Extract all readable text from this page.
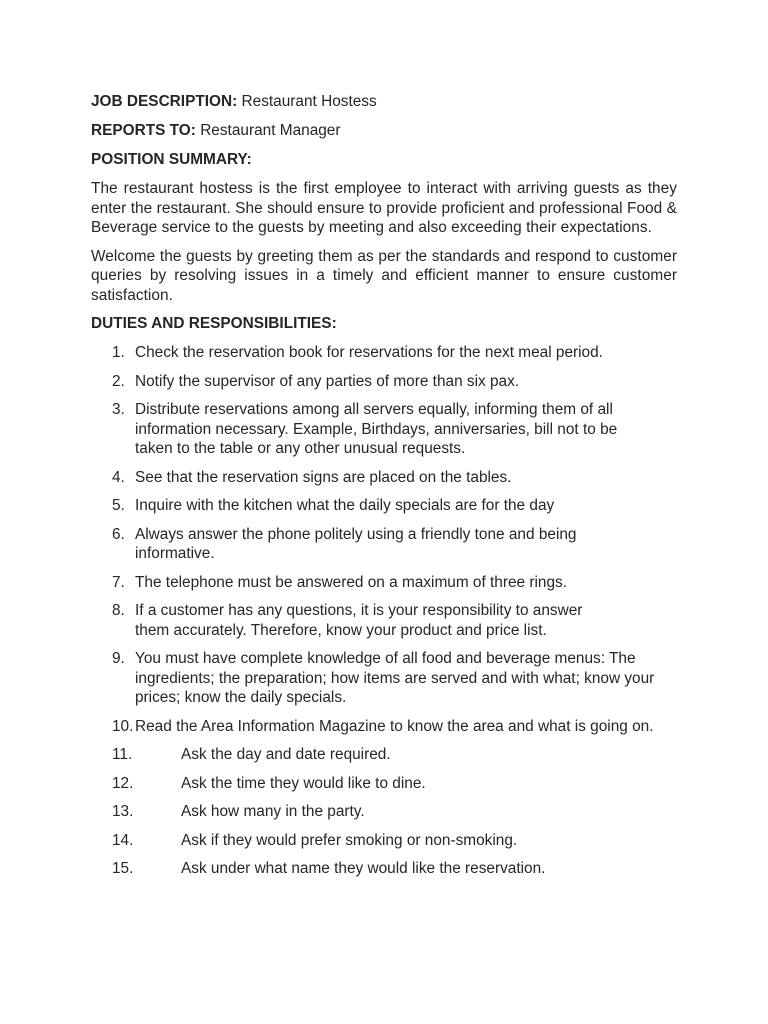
JOB DESCRIPTION: Restaurant Hostess
REPORTS TO: Restaurant Manager
POSITION SUMMARY:

The restaurant hostess is the first employee to interact with arriving guests as they enter the restaurant. She should ensure to provide proficient and professional Food & Beverage service to the guests by meeting and also exceeding their expectations.

Welcome the guests by greeting them as per the standards and respond to customer queries by resolving issues in a timely and efficient manner to ensure customer satisfaction.

DUTIES AND RESPONSIBILITIES:
1. Check the reservation book for reservations for the next meal period.
2. Notify the supervisor of any parties of more than six pax.
3. Distribute reservations among all servers equally, informing them of all information necessary. Example, Birthdays, anniversaries, bill not to be taken to the table or any other unusual requests.
4. See that the reservation signs are placed on the tables.
5. Inquire with the kitchen what the daily specials are for the day
6. Always answer the phone politely using a friendly tone and being informative.
7. The telephone must be answered on a maximum of three rings.
8. If a customer has any questions, it is your responsibility to answer them accurately. Therefore, know your product and price list.
9. You must have complete knowledge of all food and beverage menus: The ingredients; the preparation; how items are served and with what; know your prices; know the daily specials.
10. Read the Area Information Magazine to know the area and what is going on.
11.	Ask the day and date required.
12.	Ask the time they would like to dine.
13.	Ask how many in the party.
14.	Ask if they would prefer smoking or non-smoking.
15.	Ask under what name they would like the reservation.
